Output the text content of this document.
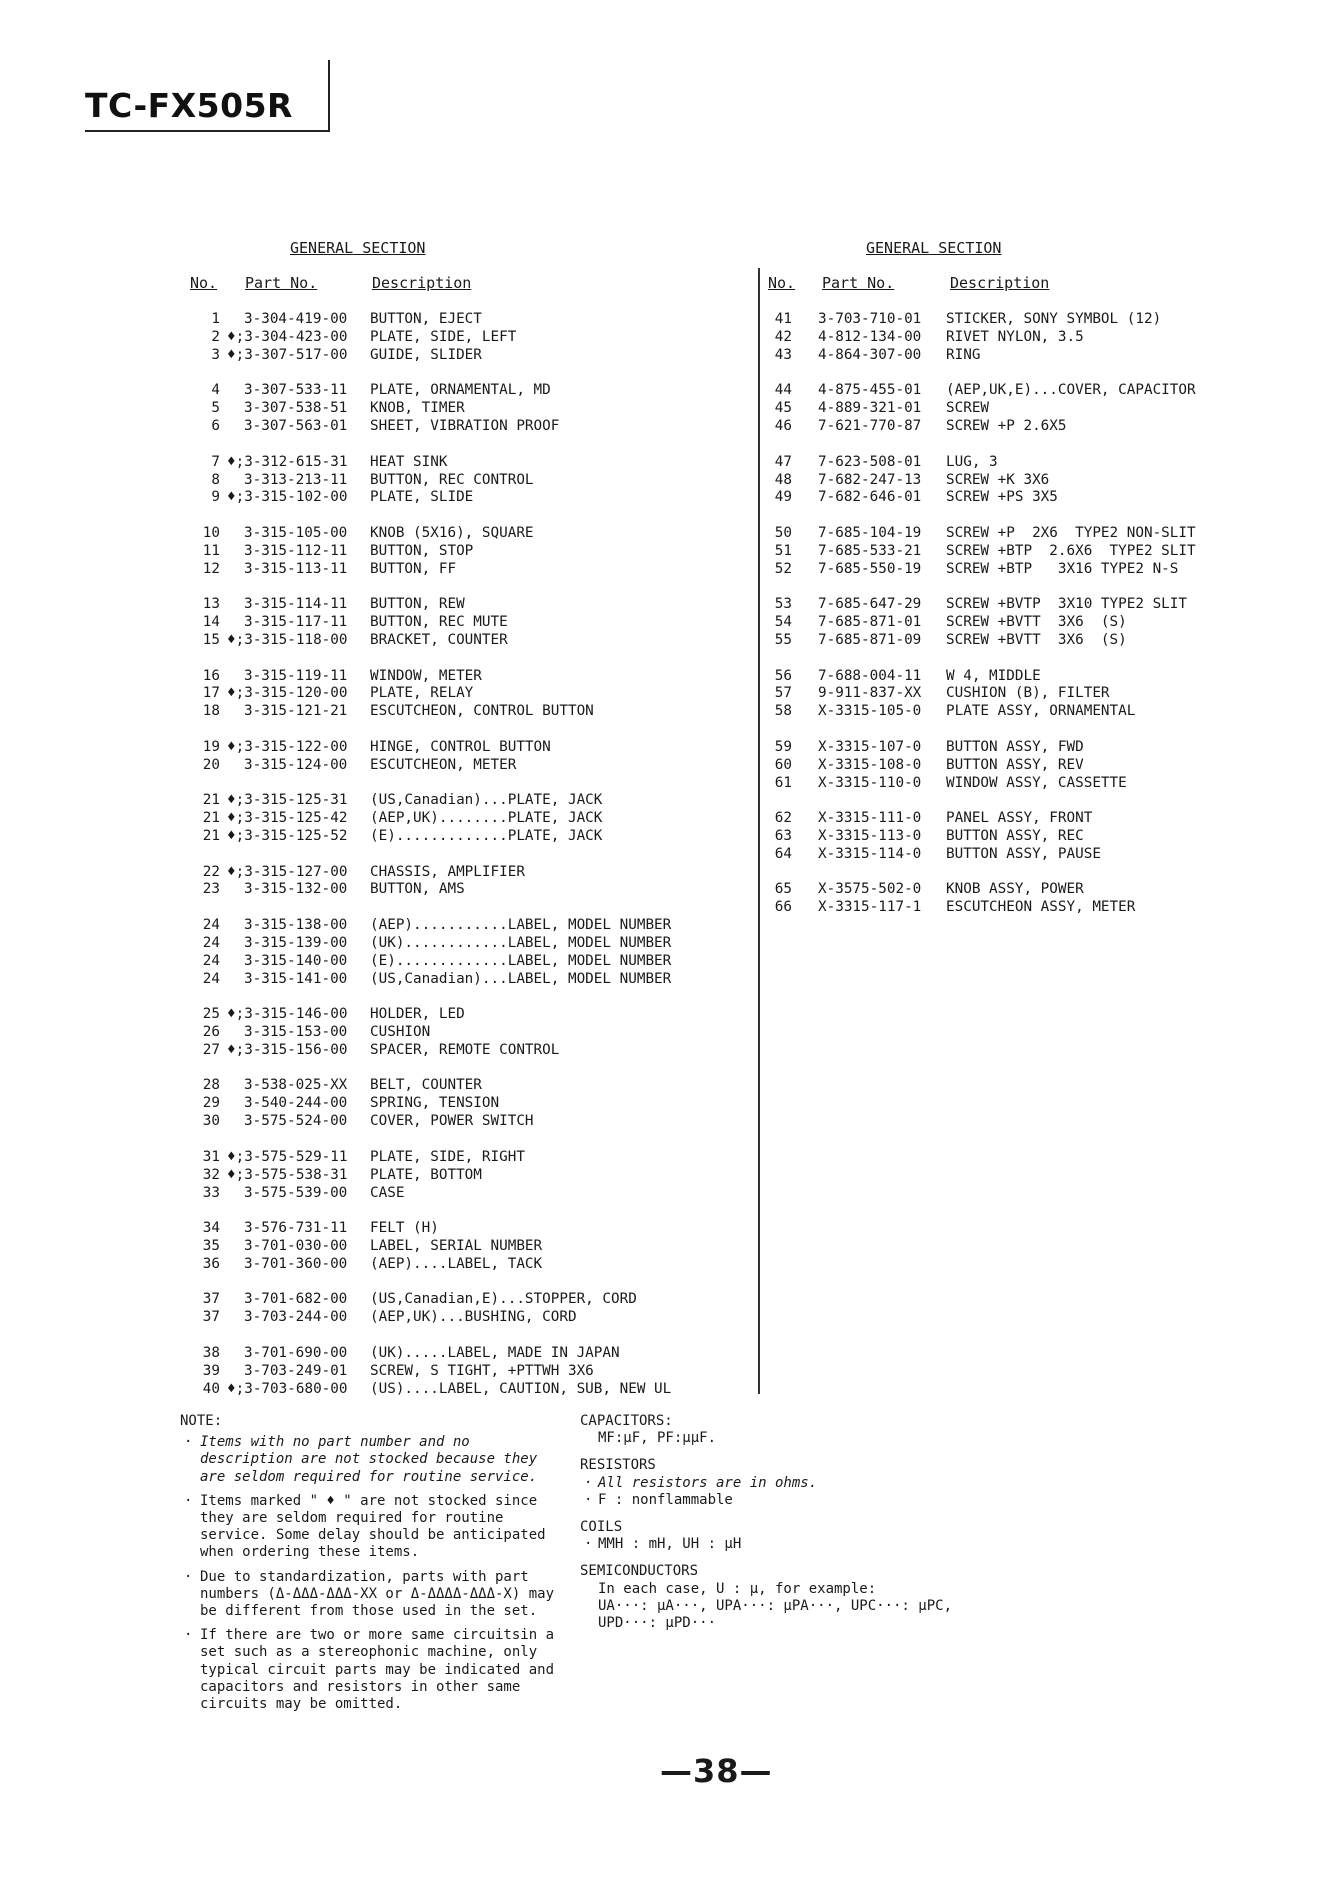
TC-FX505R
GENERAL SECTION
No. Part No.	Description
GENERAL SECTION
No. Part No.	Description
1 3-304-419-00 BUTTON, EJECT
2 ♦;3-304-423-00 PLATE, SIDE, LEFT
3 ♦;3-307-517-00 GUIDE, SLIDER
4 3-307-533-11 PLATE, ORNAMENTAL, MD
5 3-307-538-51 KNOB, TIMER
6 3-307-563-01 SHEET, VIBRATION PROOF
7 ♦;3-312-615-31 HEAT SINK
8 3-313-213-11 BUTTON, REC CONTROL
9 ♦;3-315-102-00 PLATE, SLIDE
10 3-315-105-00 KNOB (5X16), SQUARE
11 3-315-112-11 BUTTON, STOP
12 3-315-113-11 BUTTON, FF
13 3-315-114-11 BUTTON, REW
14 3-315-117-11 BUTTON, REC MUTE
15 ♦;3-315-118-00 BRACKET, COUNTER
16 3-315-119-11 WINDOW, METER
17 ♦;3-315-120-00 PLATE, RELAY
18 3-315-121-21 ESCUTCHEON, CONTROL BUTTON
19 ♦;3-315-122-00 HINGE, CONTROL BUTTON
20 3-315-124-00 ESCUTCHEON, METER
21 ♦;3-315-125-31 (US,Canadian)...PLATE, JACK
21 ♦;3-315-125-42 (AEP,UK)........PLATE, JACK
21 ♦;3-315-125-52 (E).............PLATE, JACK
22 ♦;3-315-127-00 CHASSIS, AMPLIFIER
23 3-315-132-00 BUTTON, AMS
24 3-315-138-00 (AEP)...........LABEL, MODEL NUMBER
24 3-315-139-00 (UK)............LABEL, MODEL NUMBER
24 3-315-140-00 (E).............LABEL, MODEL NUMBER
24 3-315-141-00 (US,Canadian)...LABEL, MODEL NUMBER
25 ♦;3-315-146-00 HOLDER, LED
26 3-315-153-00 CUSHION
27 ♦;3-315-156-00 SPACER, REMOTE CONTROL
28 3-538-025-XX BELT, COUNTER
29 3-540-244-00 SPRING, TENSION
30 3-575-524-00 COVER, POWER SWITCH
31 ♦;3-575-529-11 PLATE, SIDE, RIGHT
32 ♦;3-575-538-31 PLATE, BOTTOM
33 3-575-539-00 CASE
34 3-576-731-11 FELT (H)
35 3-701-030-00 LABEL, SERIAL NUMBER
36 3-701-360-00 (AEP)....LABEL, TACK
37 3-701-682-00 (US,Canadian,E)...STOPPER, CORD
37 3-703-244-00 (AEP,UK)...BUSHING, CORD
38 3-701-690-00 (UK).....LABEL, MADE IN JAPAN
39 3-703-249-01 SCREW, S TIGHT, +PTTWH 3X6
40 ♦;3-703-680-00 (US)....LABEL, CAUTION, SUB, NEW UL
41 3-703-710-01 STICKER, SONY SYMBOL (12)
42 4-812-134-00 RIVET NYLON, 3.5
43 4-864-307-00 RING
44 4-875-455-01 (AEP,UK,E)...COVER, CAPACITOR
45 4-889-321-01 SCREW
46 7-621-770-87 SCREW +P 2.6X5
47 7-623-508-01 LUG, 3
48 7-682-247-13 SCREW +K 3X6
49 7-682-646-01 SCREW +PS 3X5
50 7-685-104-19 SCREW +P  2X6  TYPE2 NON-SLIT
51 7-685-533-21 SCREW +BTP  2.6X6  TYPE2 SLIT
52 7-685-550-19 SCREW +BTP   3X16 TYPE2 N-S
53 7-685-647-29 SCREW +BVTP  3X10 TYPE2 SLIT
54 7-685-871-01 SCREW +BVTT  3X6  (S)
55 7-685-871-09 SCREW +BVTT  3X6  (S)
56 7-688-004-11 W 4, MIDDLE
57 9-911-837-XX CUSHION (B), FILTER
58 X-3315-105-0 PLATE ASSY, ORNAMENTAL
59 X-3315-107-0 BUTTON ASSY, FWD
60 X-3315-108-0 BUTTON ASSY, REV
61 X-3315-110-0 WINDOW ASSY, CASSETTE
62 X-3315-111-0 PANEL ASSY, FRONT
63 X-3315-113-0 BUTTON ASSY, REC
64 X-3315-114-0 BUTTON ASSY, PAUSE
65 X-3575-502-0 KNOB ASSY, POWER
66 X-3315-117-1 ESCUTCHEON ASSY, METER
NOTE:
· Items with no part number and no description are not stocked because they are seldom required for routine service.
· Items marked " ♦ " are not stocked since they are seldom required for routine service. Some delay should be anticipated when ordering these items.
· Due to standardization, parts with part numbers (Δ-ΔΔΔ-ΔΔΔ-XX or Δ-ΔΔΔΔ-ΔΔΔ-X) may be different from those used in the set.
· If there are two or more same circuitsin a set such as a stereophonic machine, only typical circuit parts may be indicated and capacitors and resistors in other same circuits may be omitted.
CAPACITORS:
MF:μF, PF:μμF.
RESISTORS
· All resistors are in ohms.
· F : nonflammable
COILS
· MMH : mH, UH : μH
SEMICONDUCTORS
In each case, U : μ, for example:
UA···: μA···, UPA···: μPA···, UPC···: μPC,
UPD···: μPD···
—38—
